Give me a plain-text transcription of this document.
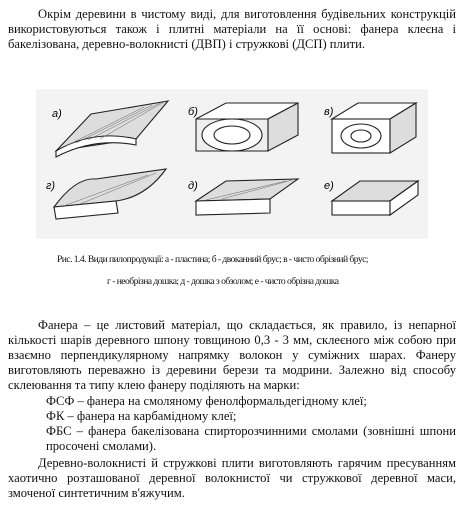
Окрім деревини в чистому виді, для виготовлення будівельних конструкцій використовуються також і плитні матеріали на її основі: фанера клеєна і бакелізована, деревно-волокнисті (ДВП) і стружкові (ДСП) плити.

а)	б)	в)
г)	д)	е)
Рис. 1.4. Види пилопродукції: а - пластина; б - двоканний брус; в - чисто обрізний брус;
г - необрізна дошка; д - дошка з обзолом; е - чисто обрізна дошка

Фанера – це листовий матеріал, що складається, як правило, із непарної кількості шарів деревного шпону товщиною 0,3 - 3 мм, склеєного між собою при взаємно перпендикулярному напрямку волокон у суміжних шарах. Фанеру виготовляють переважно із деревини берези та модрини. Залежно від способу склеювання та типу клею фанеру поділяють на марки:

ФСФ – фанера на смоляному фенолформальдегідному клеї;
ФК – фанера на карбамідному клеї;
ФБС – фанера бакелізована спирторозчинними смолами (зовнішні шпони просочені смолами).

Деревно-волокнисті й стружкові плити виготовляють гарячим пресуванням хаотично розташованої деревної волокнистої чи стружкової деревної маси, змоченої синтетичним в'яжучим.
